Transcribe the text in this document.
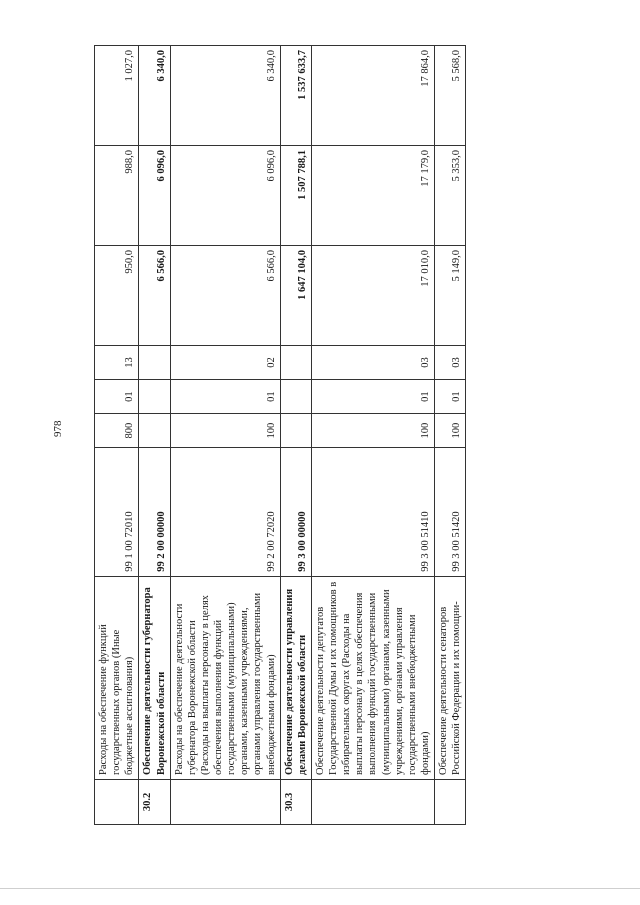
978
	Расходы на обеспечение функций государственных органов (Иные бюджетные ассигнования)	99 1 00 72010	800	01	13	950,0	988,0	1 027,0
30.2	Обеспечение деятельности губернатора Воронежской области	99 2 00 00000				6 566,0	6 096,0	6 340,0
	Расходы на обеспечение деятельности губернатора Воронежской области (Расходы на выплаты персоналу в целях обеспечения выполнения функций государственными (муниципальными) органами, казенными учреждениями, органами управления государственными внебюджетными фондами)	99 2 00 72020	100	01	02	6 566,0	6 096,0	6 340,0
30.3	Обеспечение деятельности управления делами Воронежской области	99 3 00 00000				1 647 104,0	1 507 788,1	1 537 633,7
	Обеспечение деятельности депутатов Государственной Думы и их помощников в избирательных округах (Расходы на выплаты персоналу в целях обеспечения выполнения функций государственными (муниципальными) органами, казенными учреждениями, органами управления государственными внебюджетными фондами)	99 3 00 51410	100	01	03	17 010,0	17 179,0	17 864,0
	Обеспечение деятельности сенаторов Российской Федерации и их помощни-	99 3 00 51420	100	01	03	5 149,0	5 353,0	5 568,0
